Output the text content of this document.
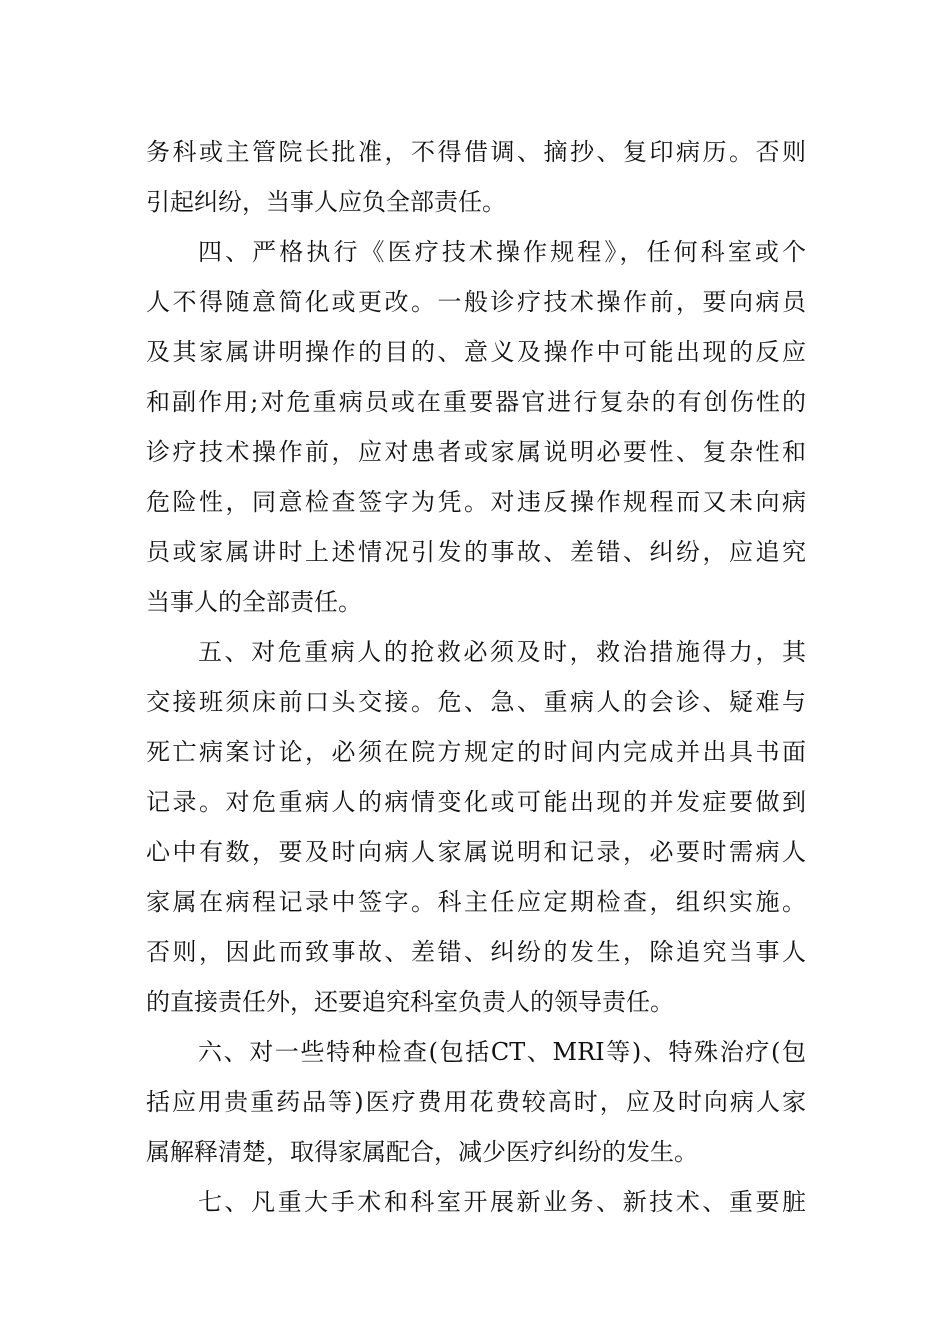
务科或主管院长批准，不得借调、摘抄、复印病历。否则

引起纠纷，当事人应负全部责任。

四、严格执行《医疗技术操作规程》，任何科室或个

人不得随意简化或更改。一般诊疗技术操作前，要向病员

及其家属讲明操作的目的、意义及操作中可能出现的反应

和副作用;对危重病员或在重要器官进行复杂的有创伤性的

诊疗技术操作前，应对患者或家属说明必要性、复杂性和

危险性，同意检查签字为凭。对违反操作规程而又未向病

员或家属讲时上述情况引发的事故、差错、纠纷，应追究

当事人的全部责任。

五、对危重病人的抢救必须及时，救治措施得力，其

交接班须床前口头交接。危、急、重病人的会诊、疑难与

死亡病案讨论，必须在院方规定的时间内完成并出具书面

记录。对危重病人的病情变化或可能出现的并发症要做到

心中有数，要及时向病人家属说明和记录，必要时需病人

家属在病程记录中签字。科主任应定期检查，组织实施。

否则，因此而致事故、差错、纠纷的发生，除追究当事人

的直接责任外，还要追究科室负责人的领导责任。

六、对一些特种检查(包括CT、MRI等)、特殊治疗(包

括应用贵重药品等)医疗费用花费较高时，应及时向病人家

属解释清楚，取得家属配合，减少医疗纠纷的发生。

七、凡重大手术和科室开展新业务、新技术、重要脏
